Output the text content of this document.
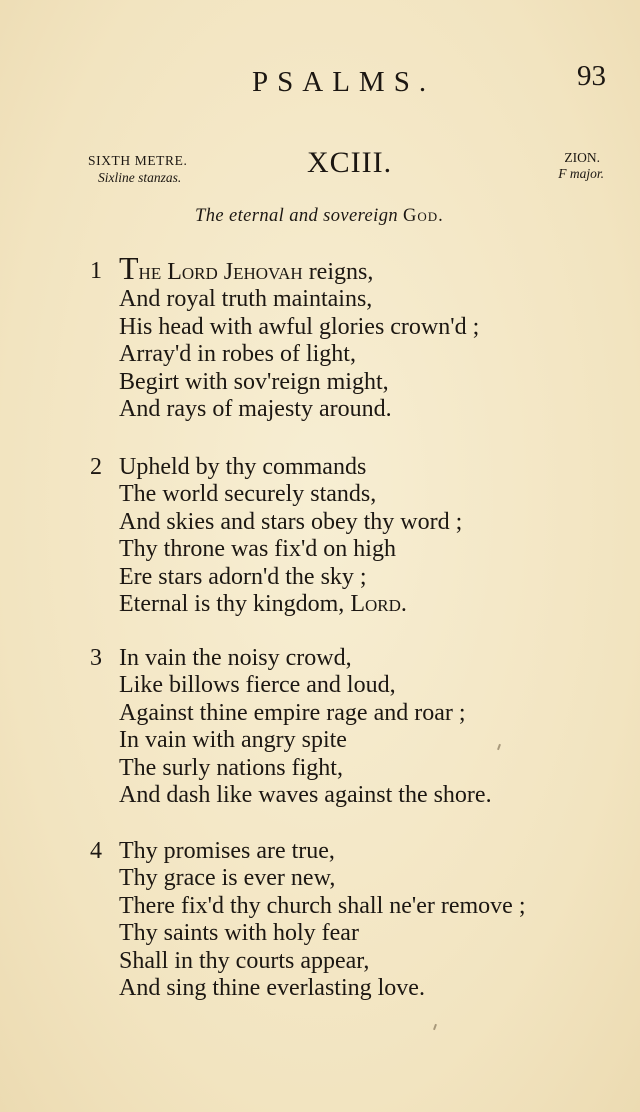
PSALMS.	93
SIXTH METRE.
Sixline stanzas.	XCIII.	ZION.
F major.
The eternal and sovereign God.
1 The Lord Jehovah reigns,
And royal truth maintains,
His head with awful glories crown'd ;
Array'd in robes of light,
Begirt with sov'reign might,
And rays of majesty around.
2 Upheld by thy commands
The world securely stands,
And skies and stars obey thy word ;
Thy throne was fix'd on high
Ere stars adorn'd the sky ;
Eternal is thy kingdom, Lord.
3 In vain the noisy crowd,
Like billows fierce and loud,
Against thine empire rage and roar ;
In vain with angry spite
The surly nations fight,
And dash like waves against the shore.
4 Thy promises are true,
Thy grace is ever new,
There fix'd thy church shall ne'er remove ;
Thy saints with holy fear
Shall in thy courts appear,
And sing thine everlasting love.
